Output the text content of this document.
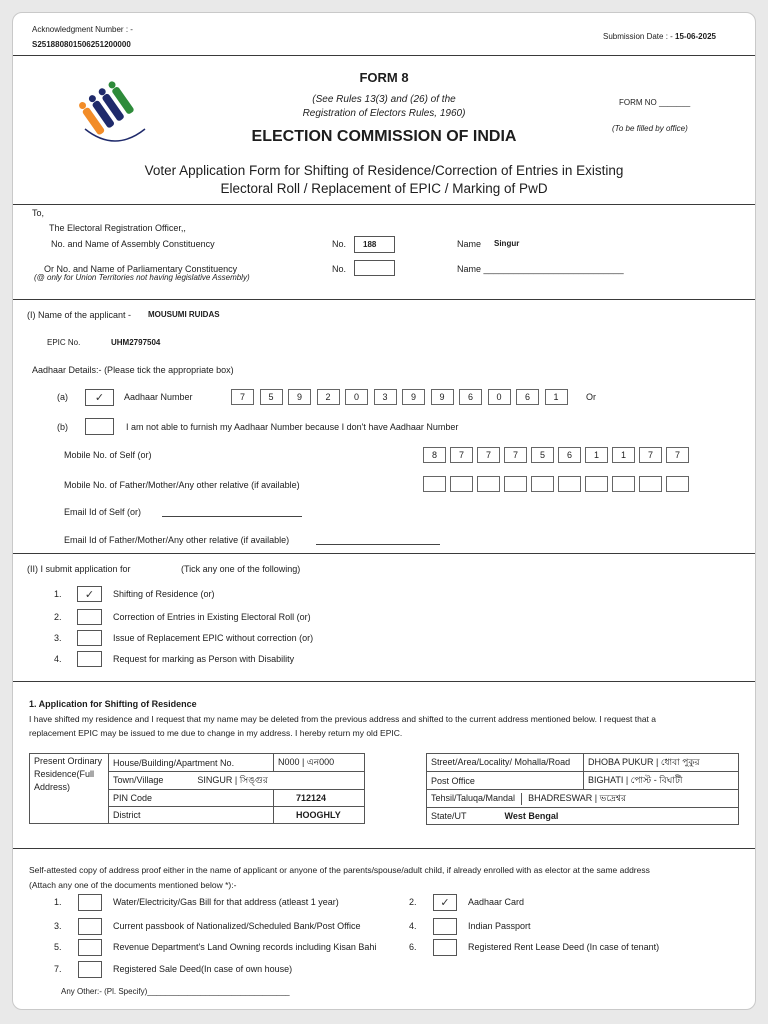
Acknowledgment Number : -
S251880801506251200000
Submission Date : - 15-06-2025
FORM 8
(See Rules 13(3) and (26) of the
Registration of Electors Rules, 1960)
ELECTION COMMISSION OF INDIA
FORM NO _______
(To be filled by office)
Voter Application Form for Shifting of Residence/Correction of Entries in Existing
Electoral Roll / Replacement of EPIC / Marking of PwD
To,
The Electoral Registration Officer,,
No. and Name of Assembly Constituency	No.	188	Name Singur
Or No. and Name of Parliamentary Constituency
(@ only for Union Territories not having legislative Assembly)
No.	Name ____________________________
(I) Name of the applicant - MOUSUMI RUIDAS
EPIC No.	UHM2797504
Aadhaar Details:- (Please tick the appropriate box)
(a)	✓	Aadhaar Number	7	5	9	2	0	3	9	9	6	0	6	1	Or
(b)	I am not able to furnish my Aadhaar Number because I don't have Aadhaar Number
Mobile No. of Self (or)	8	7	7	7	5	6	1	1	7	7
Mobile No. of Father/Mother/Any other relative (if available)
Email Id of Self (or)
Email Id of Father/Mother/Any other relative (if available)
(II) I submit application for	(Tick any one of the following)
1.	✓	Shifting of Residence (or)
2.	Correction of Entries in Existing Electoral Roll (or)
3.	Issue of Replacement EPIC without correction (or)
4.	Request for marking as Person with Disability
1. Application for Shifting of Residence
I have shifted my residence and I request that my name may be deleted from the previous address and shifted to the current address mentioned below. I request that a
replacement EPIC may be issued to me due to change in my address. I hereby return my old EPIC.
Present Ordinary Residence(Full Address)	House/Building/Apartment No.	N000 | এন000
	Town/Village SINGUR | সিঙ্গুর	
	PIN Code	712124
	District	HOOGHLY
Street/Area/Locality/ Mohalla/Road	DHOBA PUKUR | ধোবা পুকুর
Post Office	BIGHATI | পোস্ট - বিঘাটী
Tehsil/Taluqa/Mandal BHADRESWAR | ভদ্রেশ্বর	
State/UT West Bengal	
Self-attested copy of address proof either in the name of applicant or anyone of the parents/spouse/adult child, if already enrolled with as elector at the same address
(Attach any one of the documents mentioned below *):-
1.	Water/Electricity/Gas Bill for that address (atleast 1 year)	2.	✓	Aadhaar Card
3.	Current passbook of Nationalized/Scheduled Bank/Post Office	4.	Indian Passport
5.	Revenue Department's Land Owning records including Kisan Bahi	6.	Registered Rent Lease Deed (In case of tenant)
7.	Registered Sale Deed(In case of own house)
Any Other:- (Pl. Specify)________________________________
